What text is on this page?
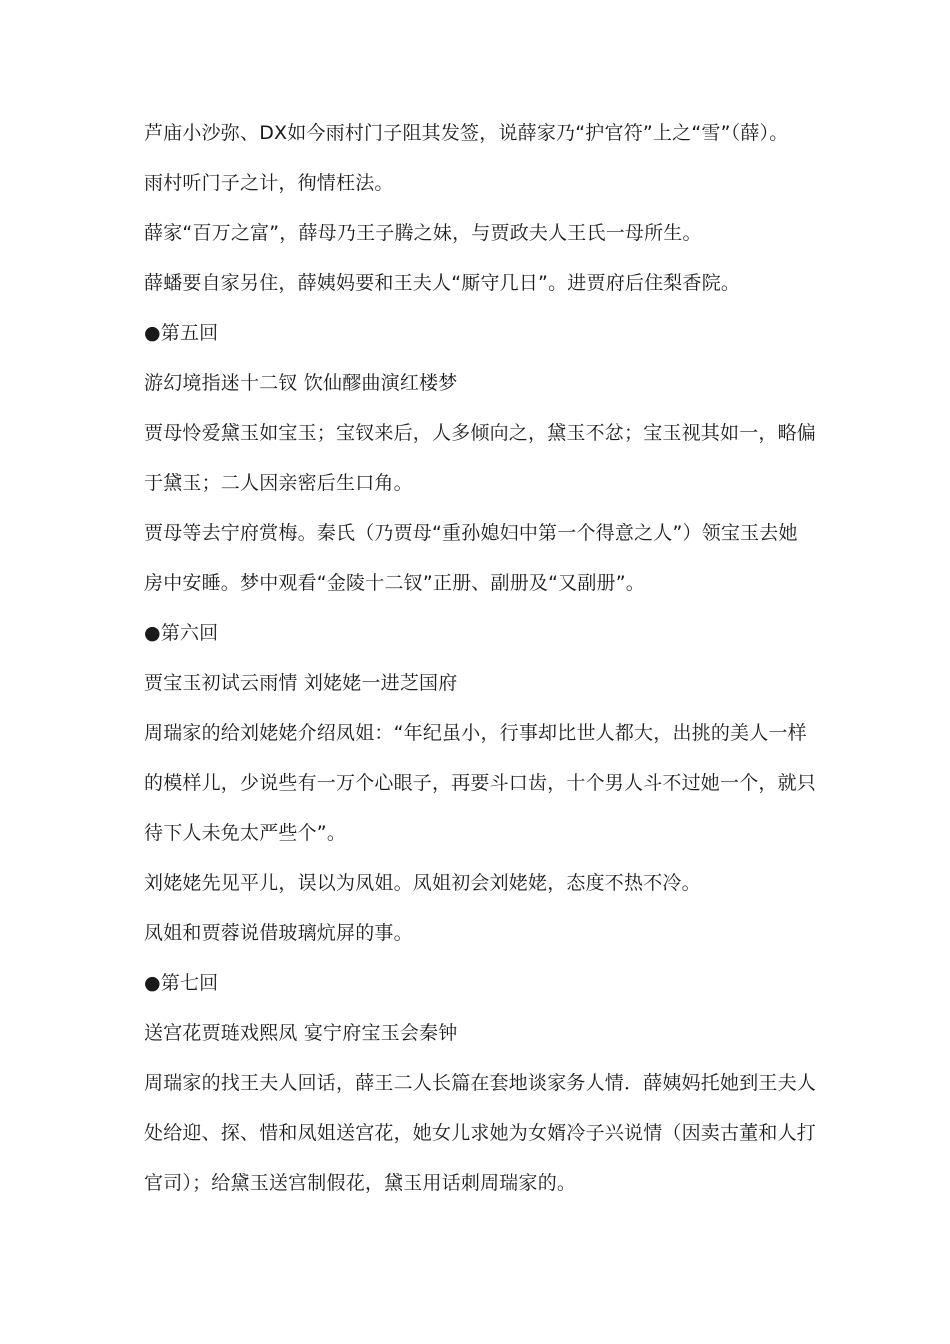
芦庙小沙弥、DX如今雨村门子阻其发签，说薛家乃“护官符”上之“雪”（薛）。
雨村听门子之计，徇情枉法。
薛家“百万之富”，薛母乃王子腾之妹，与贾政夫人王氏一母所生。
薛蟠要自家另住，薛姨妈要和王夫人“厮守几日”。进贾府后住梨香院。
●第五回
游幻境指迷十二钗 饮仙醪曲演红楼梦
贾母怜爱黛玉如宝玉；宝钗来后，人多倾向之，黛玉不忿；宝玉视其如一，略偏
于黛玉；二人因亲密后生口角。
贾母等去宁府赏梅。秦氏（乃贾母“重孙媳妇中第一个得意之人”）领宝玉去她
房中安睡。梦中观看“金陵十二钗”正册、副册及“又副册”。
●第六回
贾宝玉初试云雨情 刘姥姥一进芝国府
周瑞家的给刘姥姥介绍凤姐：“年纪虽小，行事却比世人都大，出挑的美人一样
的模样儿，少说些有一万个心眼子，再要斗口齿，十个男人斗不过她一个，就只
待下人未免太严些个”。
刘姥姥先见平儿，误以为凤姐。凤姐初会刘姥姥，态度不热不冷。
凤姐和贾蓉说借玻璃炕屏的事。
●第七回
送宫花贾琏戏熙凤 宴宁府宝玉会秦钟
周瑞家的找王夫人回话，薛王二人长篇在套地谈家务人情．薛姨妈托她到王夫人
处给迎、探、惜和凤姐送宫花，她女儿求她为女婿冷子兴说情（因卖古董和人打
官司）；给黛玉送宫制假花，黛玉用话刺周瑞家的。
